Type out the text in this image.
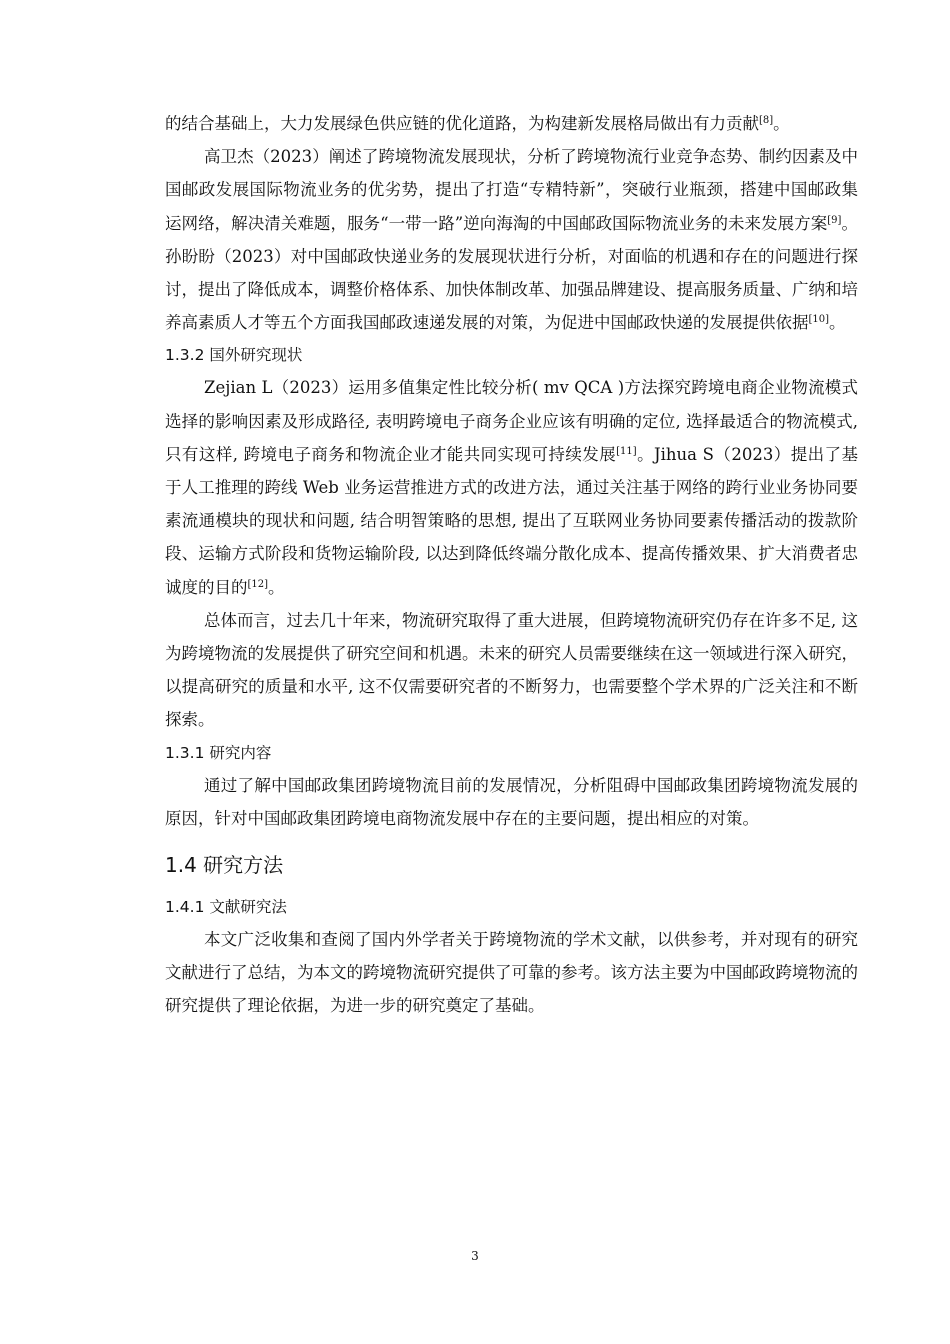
的结合基础上，大力发展绿色供应链的优化道路，为构建新发展格局做出有力贡献[8]。

高卫杰（2023）阐述了跨境物流发展现状，分析了跨境物流行业竞争态势、制约因素及中国邮政发展国际物流业务的优劣势，提出了打造“专精特新”，突破行业瓶颈，搭建中国邮政集运网络，解决清关难题，服务“一带一路”逆向海淘的中国邮政国际物流业务的未来发展方案[9]。孙盼盼（2023）对中国邮政快递业务的发展现状进行分析，对面临的机遇和存在的问题进行探讨，提出了降低成本，调整价格体系、加快体制改革、加强品牌建设、提高服务质量、广纳和培养高素质人才等五个方面我国邮政速递发展的对策，为促进中国邮政快递的发展提供依据[10]。

1.3.2 国外研究现状

Zejian L（2023）运用多值集定性比较分析( mv QCA )方法探究跨境电商企业物流模式选择的影响因素及形成路径, 表明跨境电子商务企业应该有明确的定位, 选择最适合的物流模式, 只有这样, 跨境电子商务和物流企业才能共同实现可持续发展[11]。Jihua S（2023）提出了基于人工推理的跨线 Web 业务运营推进方式的改进方法，通过关注基于网络的跨行业业务协同要素流通模块的现状和问题, 结合明智策略的思想, 提出了互联网业务协同要素传播活动的拨款阶段、运输方式阶段和货物运输阶段, 以达到降低终端分散化成本、提高传播效果、扩大消费者忠诚度的目的[12]。

总体而言，过去几十年来，物流研究取得了重大进展，但跨境物流研究仍存在许多不足, 这为跨境物流的发展提供了研究空间和机遇。未来的研究人员需要继续在这一领域进行深入研究，以提高研究的质量和水平, 这不仅需要研究者的不断努力，也需要整个学术界的广泛关注和不断探索。

1.3.1 研究内容

通过了解中国邮政集团跨境物流目前的发展情况，分析阻碍中国邮政集团跨境物流发展的原因，针对中国邮政集团跨境电商物流发展中存在的主要问题，提出相应的对策。

1.4 研究方法
1.4.1 文献研究法

本文广泛收集和查阅了国内外学者关于跨境物流的学术文献，以供参考，并对现有的研究文献进行了总结，为本文的跨境物流研究提供了可靠的参考。该方法主要为中国邮政跨境物流的研究提供了理论依据，为进一步的研究奠定了基础。

3
